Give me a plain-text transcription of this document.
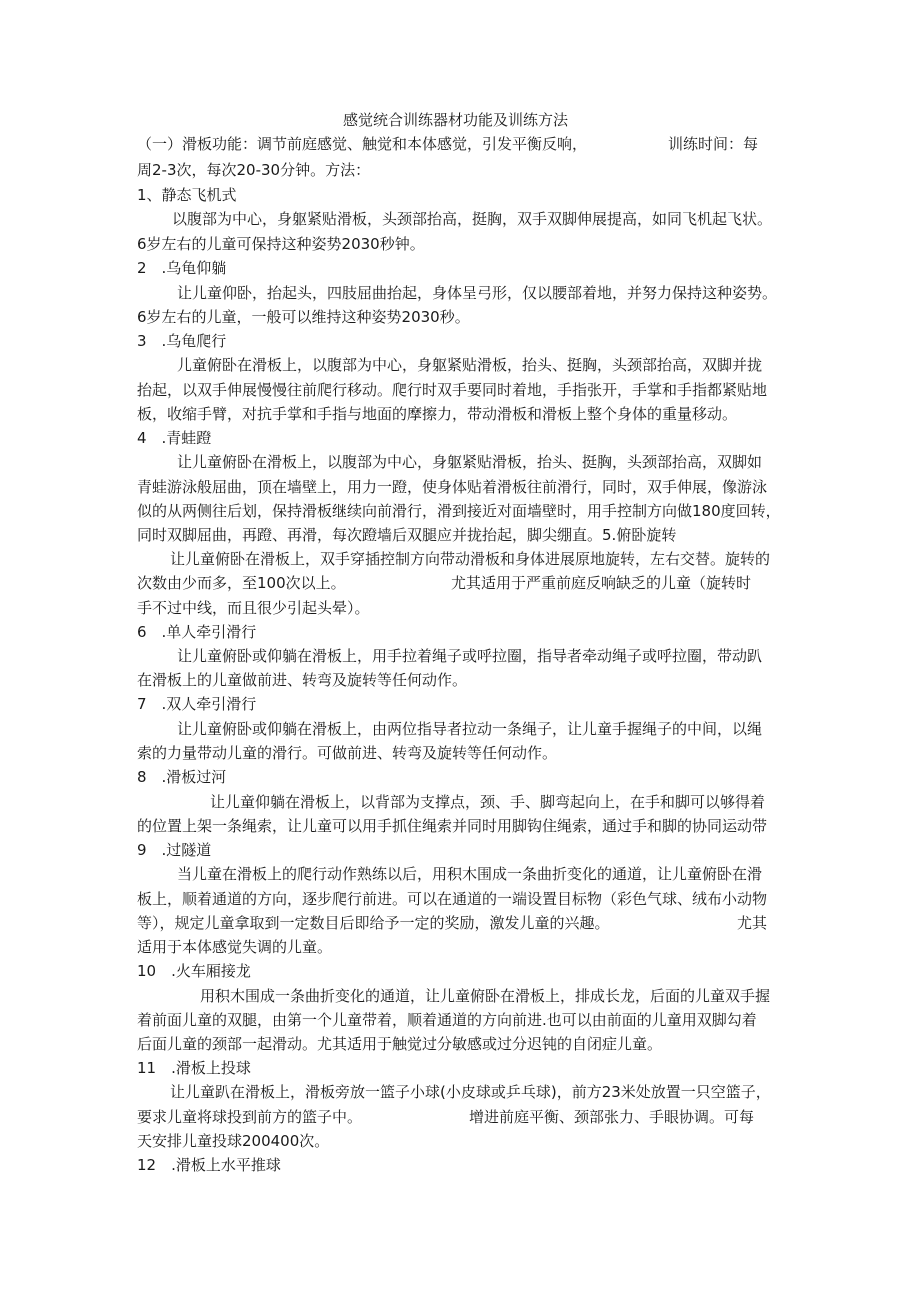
感觉统合训练器材功能及训练方法

（一）滑板功能：调节前庭感觉、触觉和本体感觉，引发平衡反响，	训练时间：每

周2-3次，每次20-30分钟。方法：

1、静态飞机式

以腹部为中心，身躯紧贴滑板，头颈部抬高，挺胸，双手双脚伸展提高，如同飞机起飞状。

6岁左右的儿童可保持这种姿势2030秒钟。

2　.乌龟仰躺

让儿童仰卧，抬起头，四肢屈曲抬起，身体呈弓形，仅以腰部着地，并努力保持这种姿势。

6岁左右的儿童，一般可以维持这种姿势2030秒。

3　.乌龟爬行

儿童俯卧在滑板上，以腹部为中心，身躯紧贴滑板，抬头、挺胸，头颈部抬高，双脚并拢

抬起，以双手伸展慢慢往前爬行移动。爬行时双手要同时着地，手指张开，手掌和手指都紧贴地

板，收缩手臂，对抗手掌和手指与地面的摩擦力，带动滑板和滑板上整个身体的重量移动。

4　.青蛙蹬

让儿童俯卧在滑板上，以腹部为中心，身躯紧贴滑板，抬头、挺胸，头颈部抬高，双脚如

青蛙游泳般屈曲，顶在墙壁上，用力一蹬，使身体贴着滑板往前滑行，同时，双手伸展，像游泳

似的从两侧往后划，保持滑板继续向前滑行，滑到接近对面墙壁时，用手控制方向做180度回转，

同时双脚屈曲，再蹬、再滑，每次蹬墙后双腿应并拢抬起，脚尖绷直。5.俯卧旋转

让儿童俯卧在滑板上，双手穿插控制方向带动滑板和身体进展原地旋转，左右交替。旋转的

次数由少而多，至100次以上。	尤其适用于严重前庭反响缺乏的儿童（旋转时

手不过中线，而且很少引起头晕）。

6　.单人牵引滑行

让儿童俯卧或仰躺在滑板上，用手拉着绳子或呼拉圈，指导者牵动绳子或呼拉圈，带动趴

在滑板上的儿童做前进、转弯及旋转等任何动作。

7　.双人牵引滑行

让儿童俯卧或仰躺在滑板上，由两位指导者拉动一条绳子，让儿童手握绳子的中间，以绳

索的力量带动儿童的滑行。可做前进、转弯及旋转等任何动作。

8　.滑板过河

让儿童仰躺在滑板上，以背部为支撑点，颈、手、脚弯起向上，在手和脚可以够得着

的位置上架一条绳索，让儿童可以用手抓住绳索并同时用脚钩住绳索，通过手和脚的协同运动带

9　.过隧道

当儿童在滑板上的爬行动作熟练以后，用积木围成一条曲折变化的通道，让儿童俯卧在滑

板上，顺着通道的方向，逐步爬行前进。可以在通道的一端设置目标物（彩色气球、绒布小动物

等），规定儿童拿取到一定数目后即给予一定的奖励，激发儿童的兴趣。	尤其

适用于本体感觉失调的儿童。

10　.火车厢接龙

用积木围成一条曲折变化的通道，让儿童俯卧在滑板上，排成长龙，后面的儿童双手握

着前面儿童的双腿，由第一个儿童带着，顺着通道的方向前进.也可以由前面的儿童用双脚勾着

后面儿童的颈部一起滑动。尤其适用于触觉过分敏感或过分迟钝的自闭症儿童。

11　.滑板上投球

让儿童趴在滑板上，滑板旁放一篮子小球(小皮球或乒乓球)，前方23米处放置一只空篮子，

要求儿童将球投到前方的篮子中。	增进前庭平衡、颈部张力、手眼协调。可每

天安排儿童投球200400次。

12　.滑板上水平推球
